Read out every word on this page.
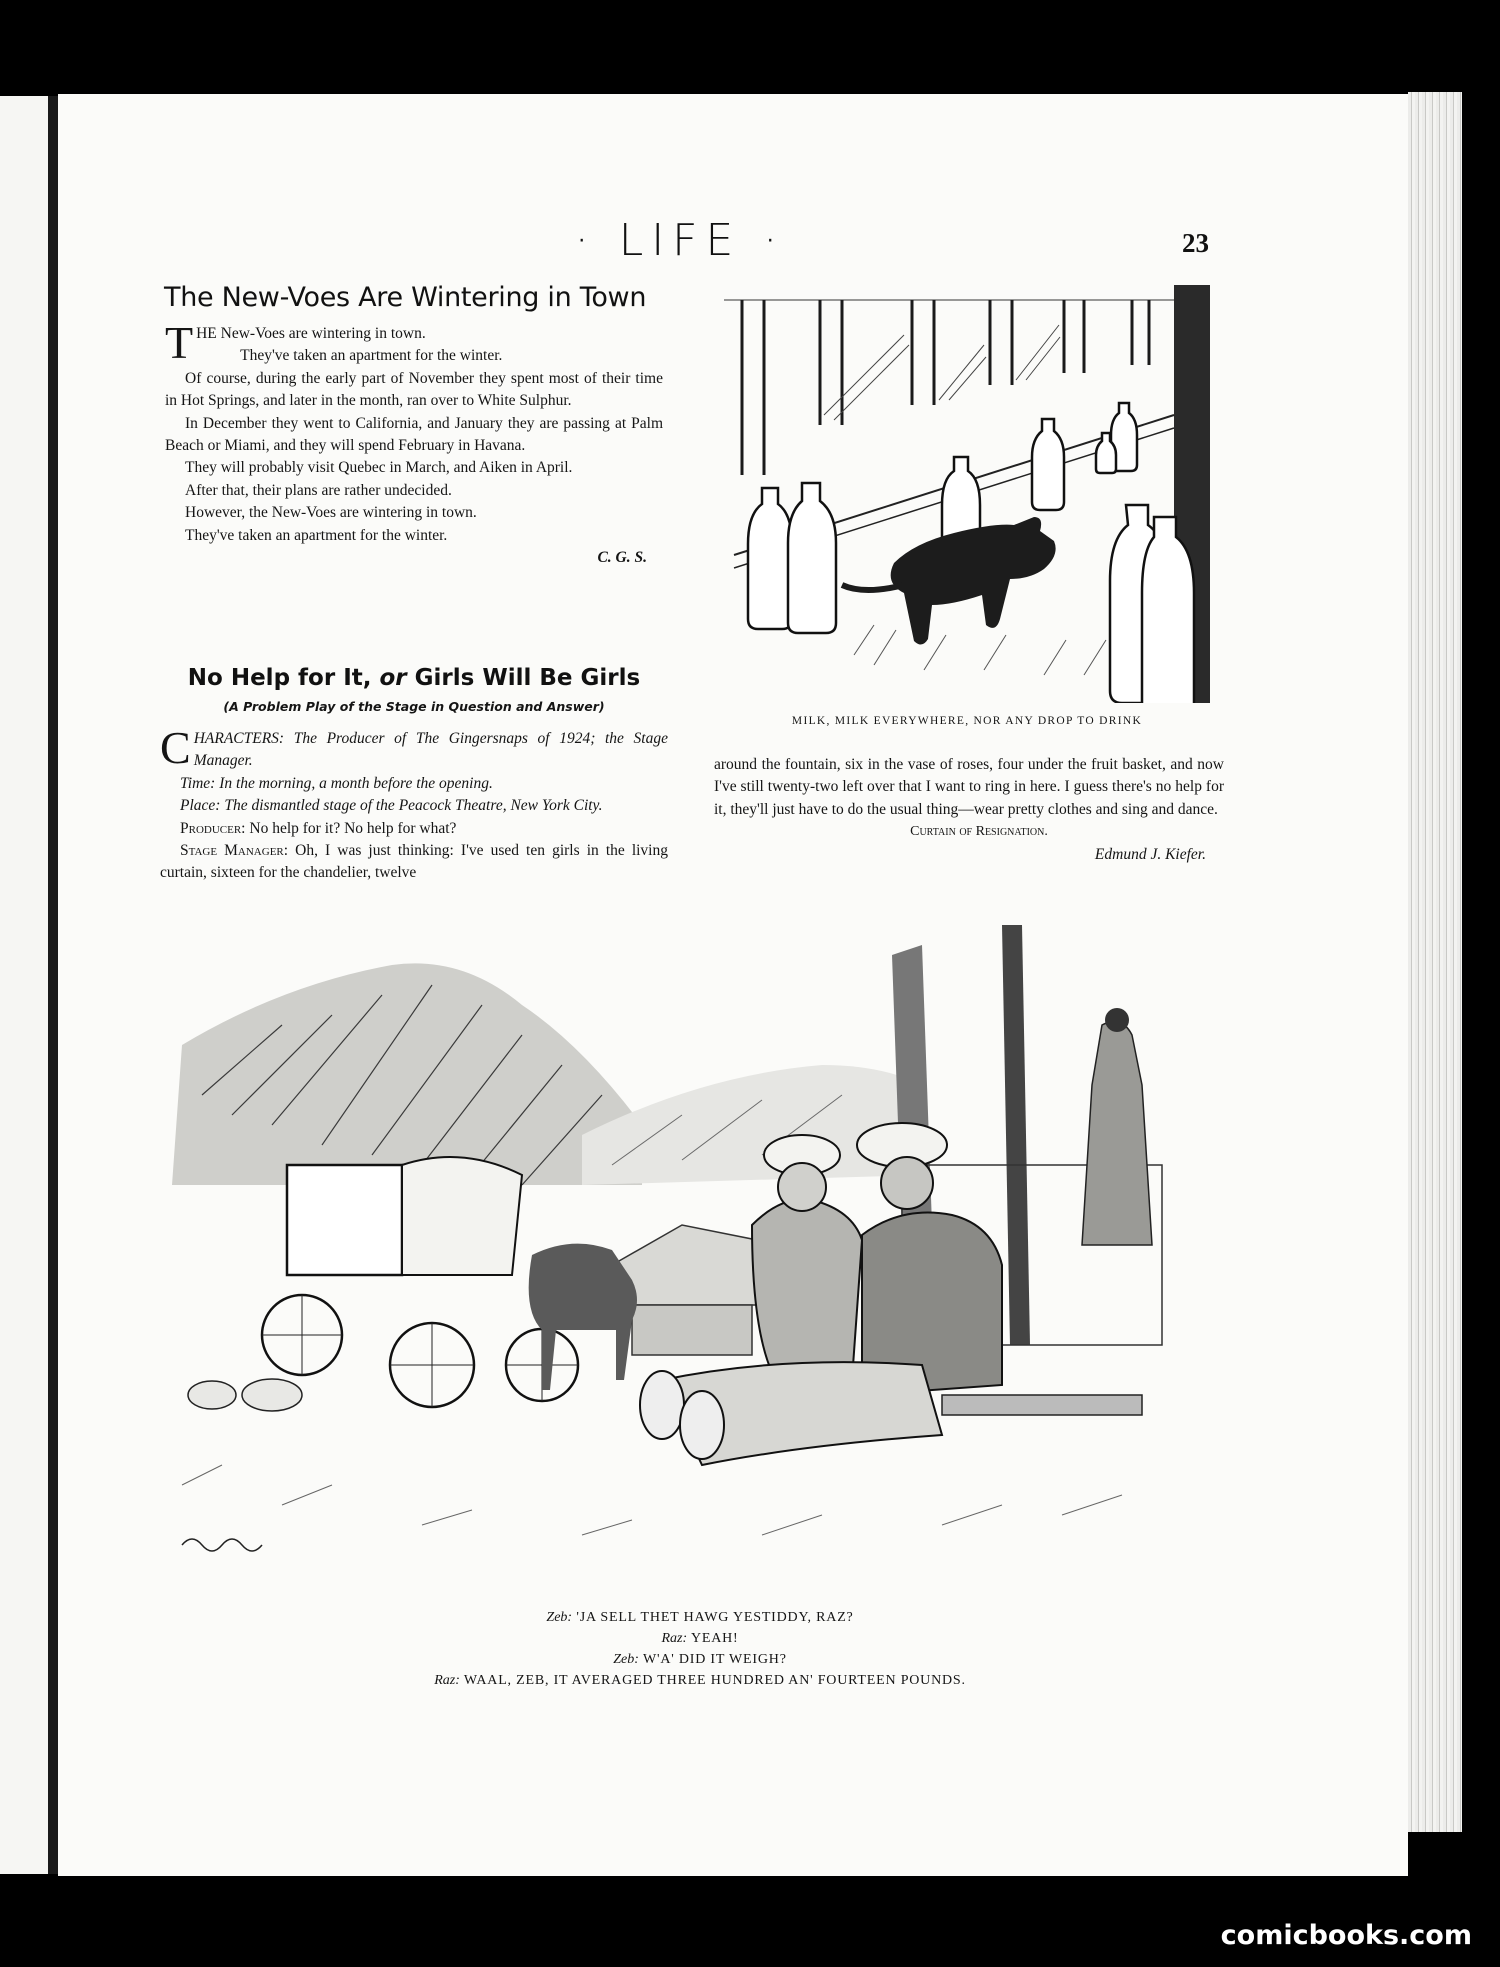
· LIFE ·	23
The New-Voes Are Wintering in Town

THE New-Voes are wintering in town.

They've taken an apartment for the winter.

Of course, during the early part of November they spent most of their time in Hot Springs, and later in the month, ran over to White Sulphur.

In December they went to California, and January they are passing at Palm Beach or Miami, and they will spend February in Havana.

They will probably visit Quebec in March, and Aiken in April.

After that, their plans are rather undecided.

However, the New-Voes are wintering in town.

They've taken an apartment for the winter.

C. G. S.

No Help for It, or Girls Will Be Girls
(A Problem Play of the Stage in Question and Answer)

CHARACTERS: The Producer of The Gingersnaps of 1924; the Stage Manager.

Time: In the morning, a month before the opening.

Place: The dismantled stage of the Peacock Theatre, New York City.

Producer: No help for it? No help for what?

Stage Manager: Oh, I was just thinking: I've used ten girls in the living curtain, sixteen for the chandelier, twelve

around the fountain, six in the vase of roses, four under the fruit basket, and now I've still twenty-two left over that I want to ring in here. I guess there's no help for it, they'll just have to do the usual thing—wear pretty clothes and sing and dance.

Curtain of Resignation.

Edmund J. Kiefer.

MILK, MILK EVERYWHERE, NOR ANY DROP TO DRINK
Zeb: 'JA SELL THET HAWG YESTIDDY, RAZ?
Raz: YEAH!
Zeb: W'A' DID IT WEIGH?
Raz: WAAL, ZEB, IT AVERAGED THREE HUNDRED AN' FOURTEEN POUNDS.
comicbooks.com
